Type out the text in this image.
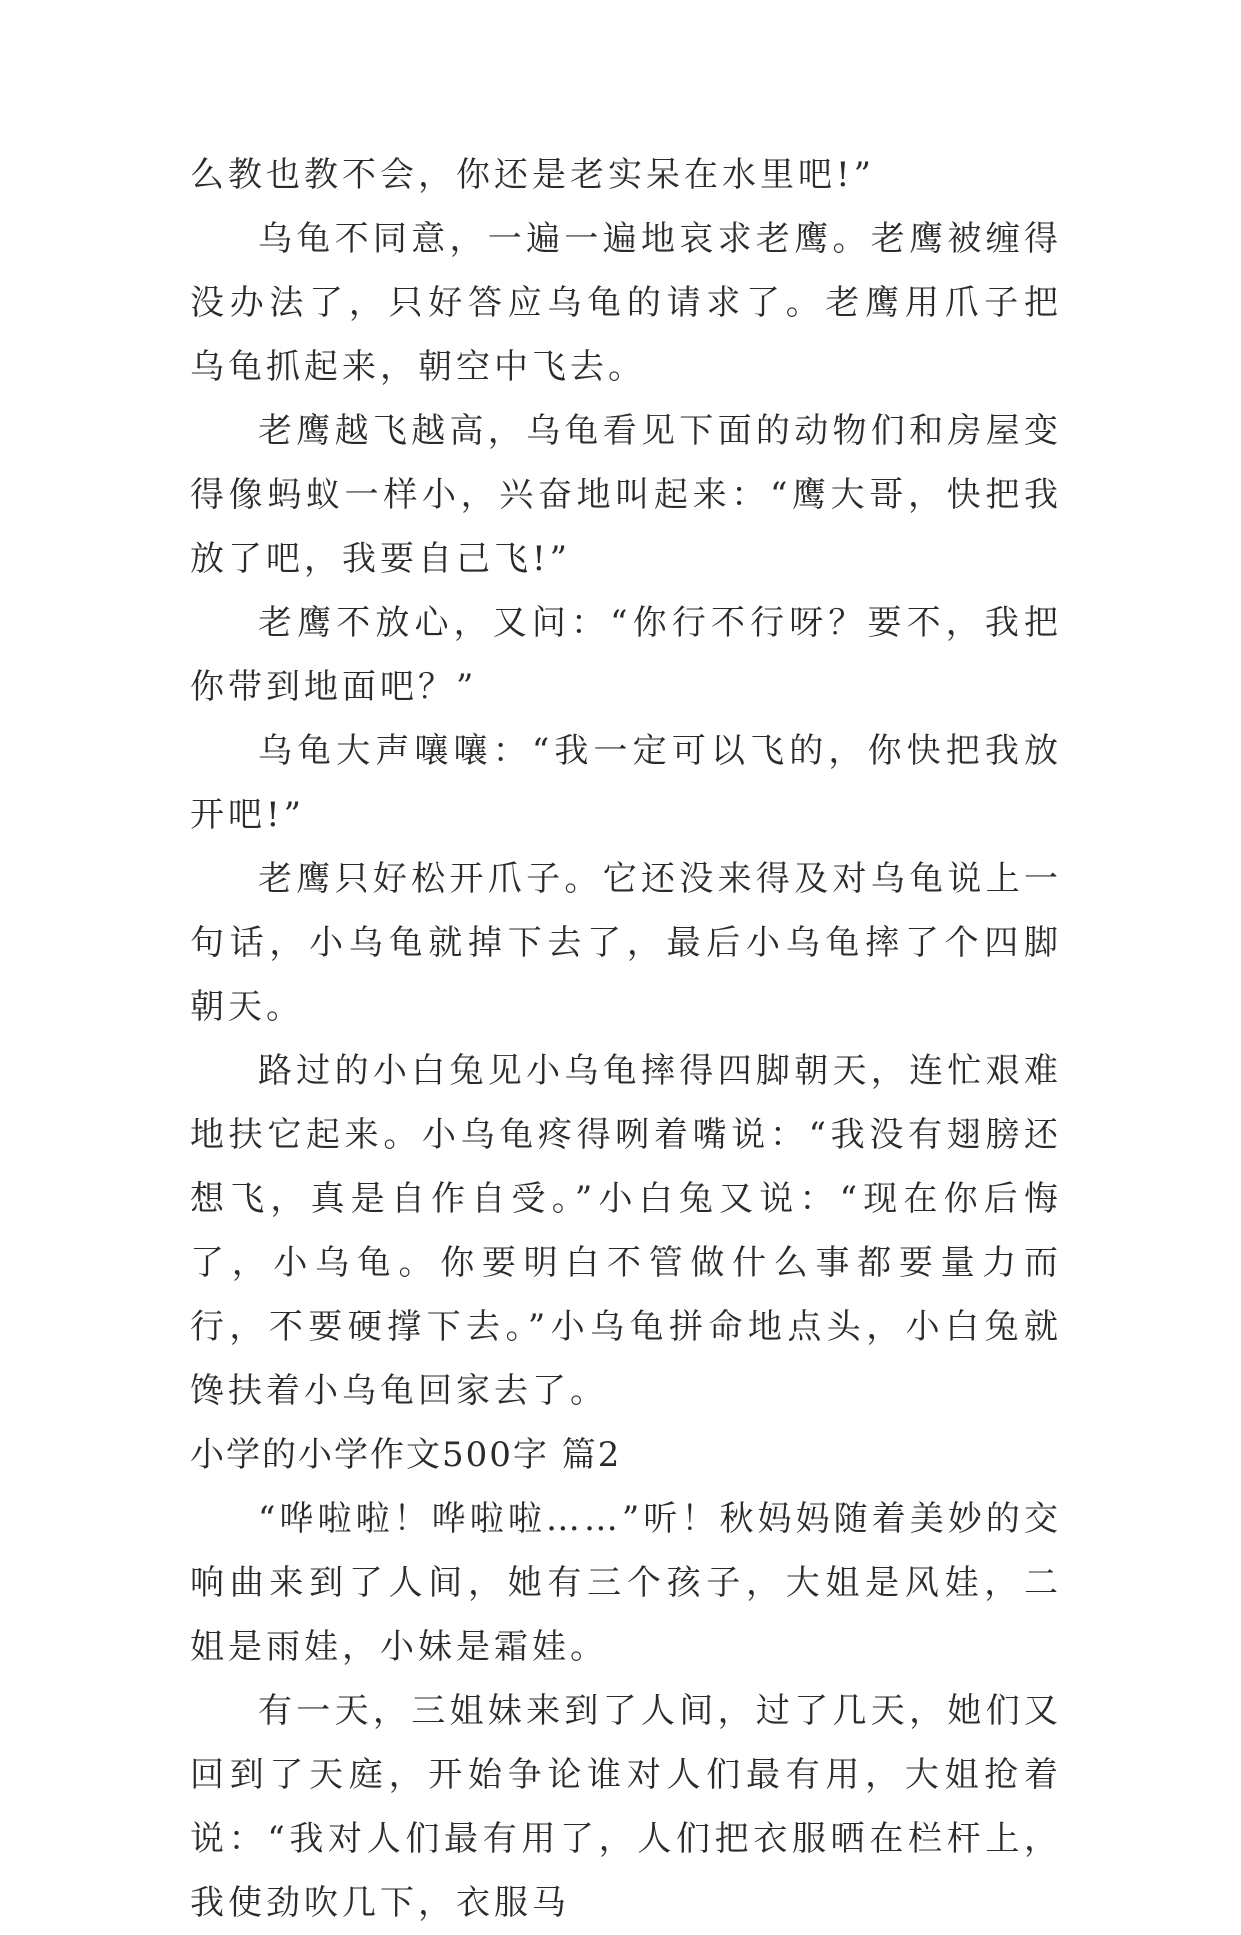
么教也教不会，你还是老实呆在水里吧!”

乌龟不同意，一遍一遍地哀求老鹰。老鹰被缠得没办法了，只好答应乌龟的请求了。老鹰用爪子把乌龟抓起来，朝空中飞去。

老鹰越飞越高，乌龟看见下面的动物们和房屋变得像蚂蚁一样小，兴奋地叫起来：“鹰大哥，快把我放了吧，我要自己飞!”

老鹰不放心，又问：“你行不行呀？要不，我把你带到地面吧？”

乌龟大声嚷嚷：“我一定可以飞的，你快把我放开吧!”

老鹰只好松开爪子。它还没来得及对乌龟说上一句话，小乌龟就掉下去了，最后小乌龟摔了个四脚朝天。

路过的小白兔见小乌龟摔得四脚朝天，连忙艰难地扶它起来。小乌龟疼得咧着嘴说：“我没有翅膀还想飞，真是自作自受。”小白兔又说：“现在你后悔了，小乌龟。你要明白不管做什么事都要量力而行，不要硬撑下去。”小乌龟拼命地点头，小白兔就馋扶着小乌龟回家去了。

小学的小学作文500字 篇2

“哗啦啦！哗啦啦……”听！秋妈妈随着美妙的交响曲来到了人间，她有三个孩子，大姐是风娃，二姐是雨娃，小妹是霜娃。

有一天，三姐妹来到了人间，过了几天，她们又回到了天庭，开始争论谁对人们最有用，大姐抢着说：“我对人们最有用了，人们把衣服晒在栏杆上，我使劲吹几下，衣服马
